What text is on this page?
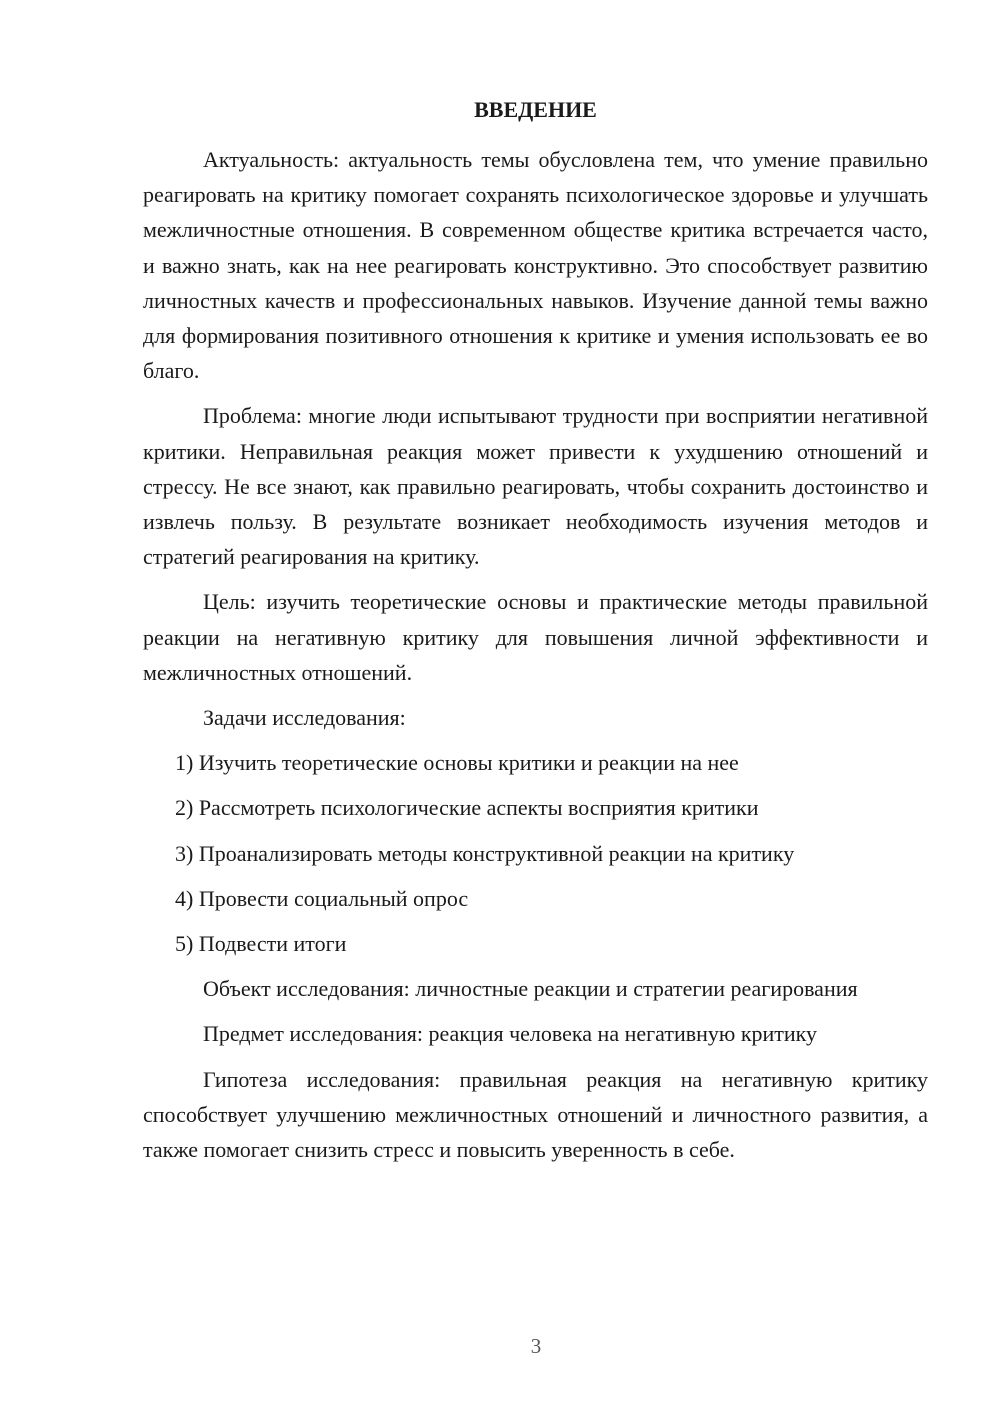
ВВЕДЕНИЕ

Актуальность: актуальность темы обусловлена тем, что умение правильно реагировать на критику помогает сохранять психологическое здоровье и улучшать межличностные отношения. В современном обществе критика встречается часто, и важно знать, как на нее реагировать конструктивно. Это способствует развитию личностных качеств и профессиональных навыков. Изучение данной темы важно для формирования позитивного отношения к критике и умения использовать ее во благо.

Проблема: многие люди испытывают трудности при восприятии негативной критики. Неправильная реакция может привести к ухудшению отношений и стрессу. Не все знают, как правильно реагировать, чтобы сохранить достоинство и извлечь пользу. В результате возникает необходимость изучения методов и стратегий реагирования на критику.

Цель: изучить теоретические основы и практические методы правильной реакции на негативную критику для повышения личной эффективности и межличностных отношений.

Задачи исследования:

1) Изучить теоретические основы критики и реакции на нее
2) Рассмотреть психологические аспекты восприятия критики
3) Проанализировать методы конструктивной реакции на критику
4) Провести социальный опрос
5) Подвести итоги

Объект исследования: личностные реакции и стратегии реагирования

Предмет исследования: реакция человека на негативную критику

Гипотеза исследования: правильная реакция на негативную критику способствует улучшению межличностных отношений и личностного развития, а также помогает снизить стресс и повысить уверенность в себе.

3
